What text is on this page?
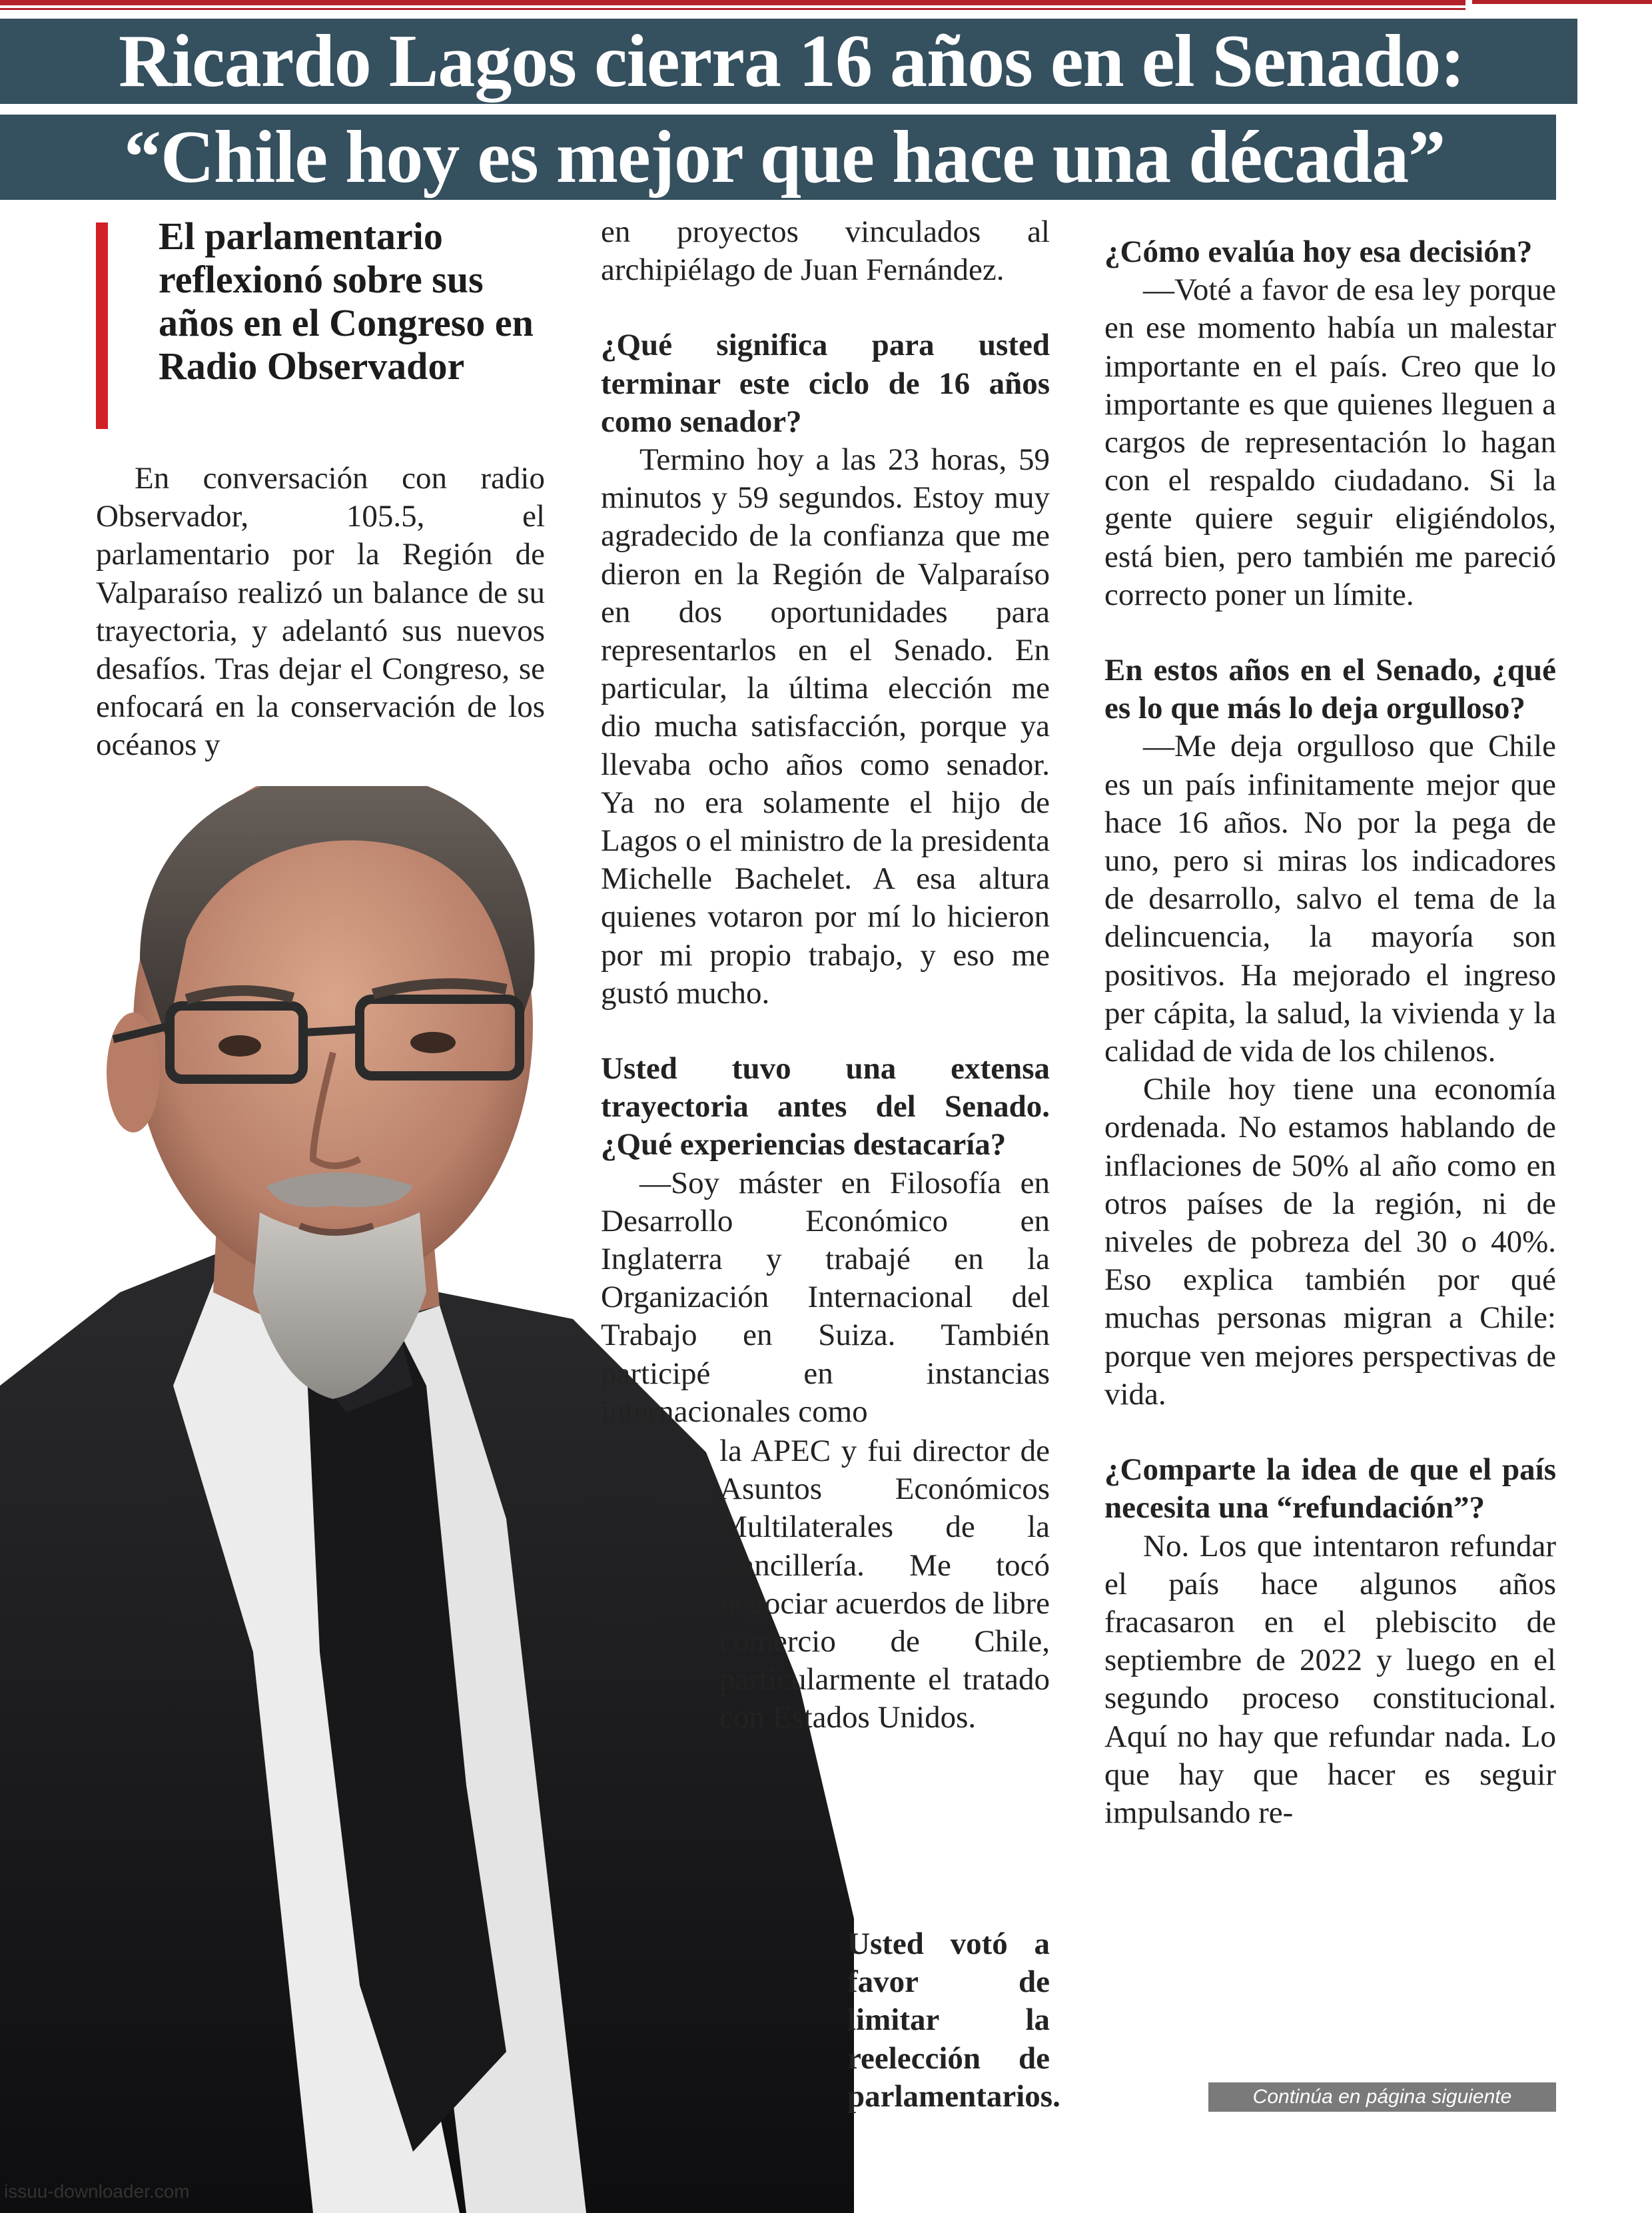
Ricardo Lagos cierra 16 años en el Senado:
“Chile hoy es mejor que hace una década”
El parlamentario reflexionó sobre sus años en el Congreso en Radio Observador

En conversación con radio Observador, 105.5, el parlamentario por la Región de Valparaíso realizó un balance de su trayectoria, y adelantó sus nuevos desafíos. Tras dejar el Congreso, se enfocará en la conservación de los océanos y

en proyectos vinculados al archipiélago de Juan Fernández.

¿Qué significa para usted terminar este ciclo de 16 años como senador?

Termino hoy a las 23 horas, 59 minutos y 59 segundos. Estoy muy agradecido de la confianza que me dieron en la Región de Valparaíso en dos oportunidades para representarlos en el Senado. En particular, la última elección me dio mucha satisfacción, porque ya llevaba ocho años como senador. Ya no era solamente el hijo de Lagos o el ministro de la presidenta Michelle Bachelet. A esa altura quienes votaron por mí lo hicieron por mi propio trabajo, y eso me gustó mucho.

Usted tuvo una extensa trayectoria antes del Senado. ¿Qué experiencias destacaría?

—Soy máster en Filosofía en Desarrollo Económico en Inglaterra y trabajé en la Organización Internacional del Trabajo en Suiza. También participé en instancias internacionales como

la APEC y fui director de Asuntos Económicos Multilaterales de la Cancillería. Me tocó negociar acuerdos de libre comercio de Chile, particularmente el tratado con Estados Unidos.

Usted votó a favor de limitar la reelección de parlamentarios.

¿Cómo evalúa hoy esa decisión?

—Voté a favor de esa ley porque en ese momento había un malestar importante en el país. Creo que lo importante es que quienes lleguen a cargos de representación lo hagan con el respaldo ciudadano. Si la gente quiere seguir eligiéndolos, está bien, pero también me pareció correcto poner un límite.

En estos años en el Senado, ¿qué es lo que más lo deja orgulloso?

—Me deja orgulloso que Chile es un país infinitamente mejor que hace 16 años. No por la pega de uno, pero si miras los indicadores de desarrollo, salvo el tema de la delincuencia, la mayoría son positivos. Ha mejorado el ingreso per cápita, la salud, la vivienda y la calidad de vida de los chilenos.

Chile hoy tiene una economía ordenada. No estamos hablando de inflaciones de 50% al año como en otros países de la región, ni de niveles de pobreza del 30 o 40%. Eso explica también por qué muchas personas migran a Chile: porque ven mejores perspectivas de vida.

¿Comparte la idea de que el país necesita una “refundación”?

No. Los que intentaron refundar el país hace algunos años fracasaron en el plebiscito de septiembre de 2022 y luego en el segundo proceso constitucional. Aquí no hay que refundar nada. Lo que hay que hacer es seguir impulsando re-

Continúa en página siguiente
issuu-downloader.com
